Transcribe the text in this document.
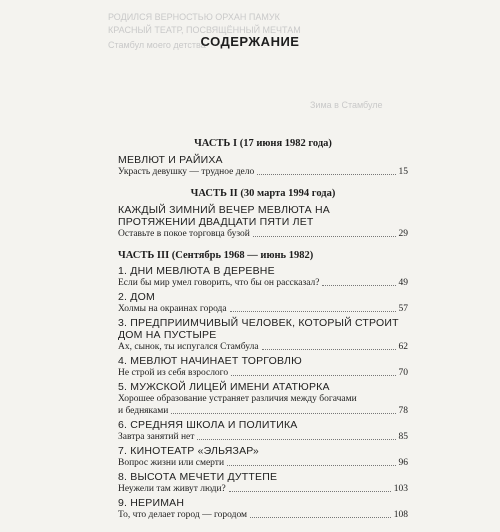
РОДИЛСЯ ВЕРНОСТЬЮ ОРХАН ПАМУК
КРАСНЫЙ ТЕАТР, ПОСВЯЩЁННЫЙ МЕЧТАМ
Стамбул моего детства
Зима в Стамбуле
СОДЕРЖАНИЕ
ЧАСТЬ I (17 июня 1982 года)
МЕВЛЮТ И РАЙИХА
Украсть девушку — трудное дело	15
ЧАСТЬ II (30 марта 1994 года)
КАЖДЫЙ ЗИМНИЙ ВЕЧЕР МЕВЛЮТА НА ПРОТЯЖЕНИИ ДВАДЦАТИ ПЯТИ ЛЕТ
Оставьте в покое торговца бузой	29
ЧАСТЬ III (Сентябрь 1968 — июнь 1982)
1. ДНИ МЕВЛЮТА В ДЕРЕВНЕ
Если бы мир умел говорить, что бы он рассказал?	49
2. ДОМ
Холмы на окраинах города	57
3. ПРЕДПРИИМЧИВЫЙ ЧЕЛОВЕК, КОТОРЫЙ СТРОИТ ДОМ НА ПУСТЫРЕ
Ах, сынок, ты испугался Стамбула	62
4. МЕВЛЮТ НАЧИНАЕТ ТОРГОВЛЮ
Не строй из себя взрослого	70
5. МУЖСКОЙ ЛИЦЕЙ ИМЕНИ АТАТЮРКА
Хорошее образование устраняет различия между богачами
и бедняками	78
6. СРЕДНЯЯ ШКОЛА И ПОЛИТИКА
Завтра занятий нет	85
7. КИНОТЕАТР «ЭЛЬЯЗАР»
Вопрос жизни или смерти	96
8. ВЫСОТА МЕЧЕТИ ДУТТЕПЕ
Неужели там живут люди?	103
9. НЕРИМАН
То, что делает город — городом	108
